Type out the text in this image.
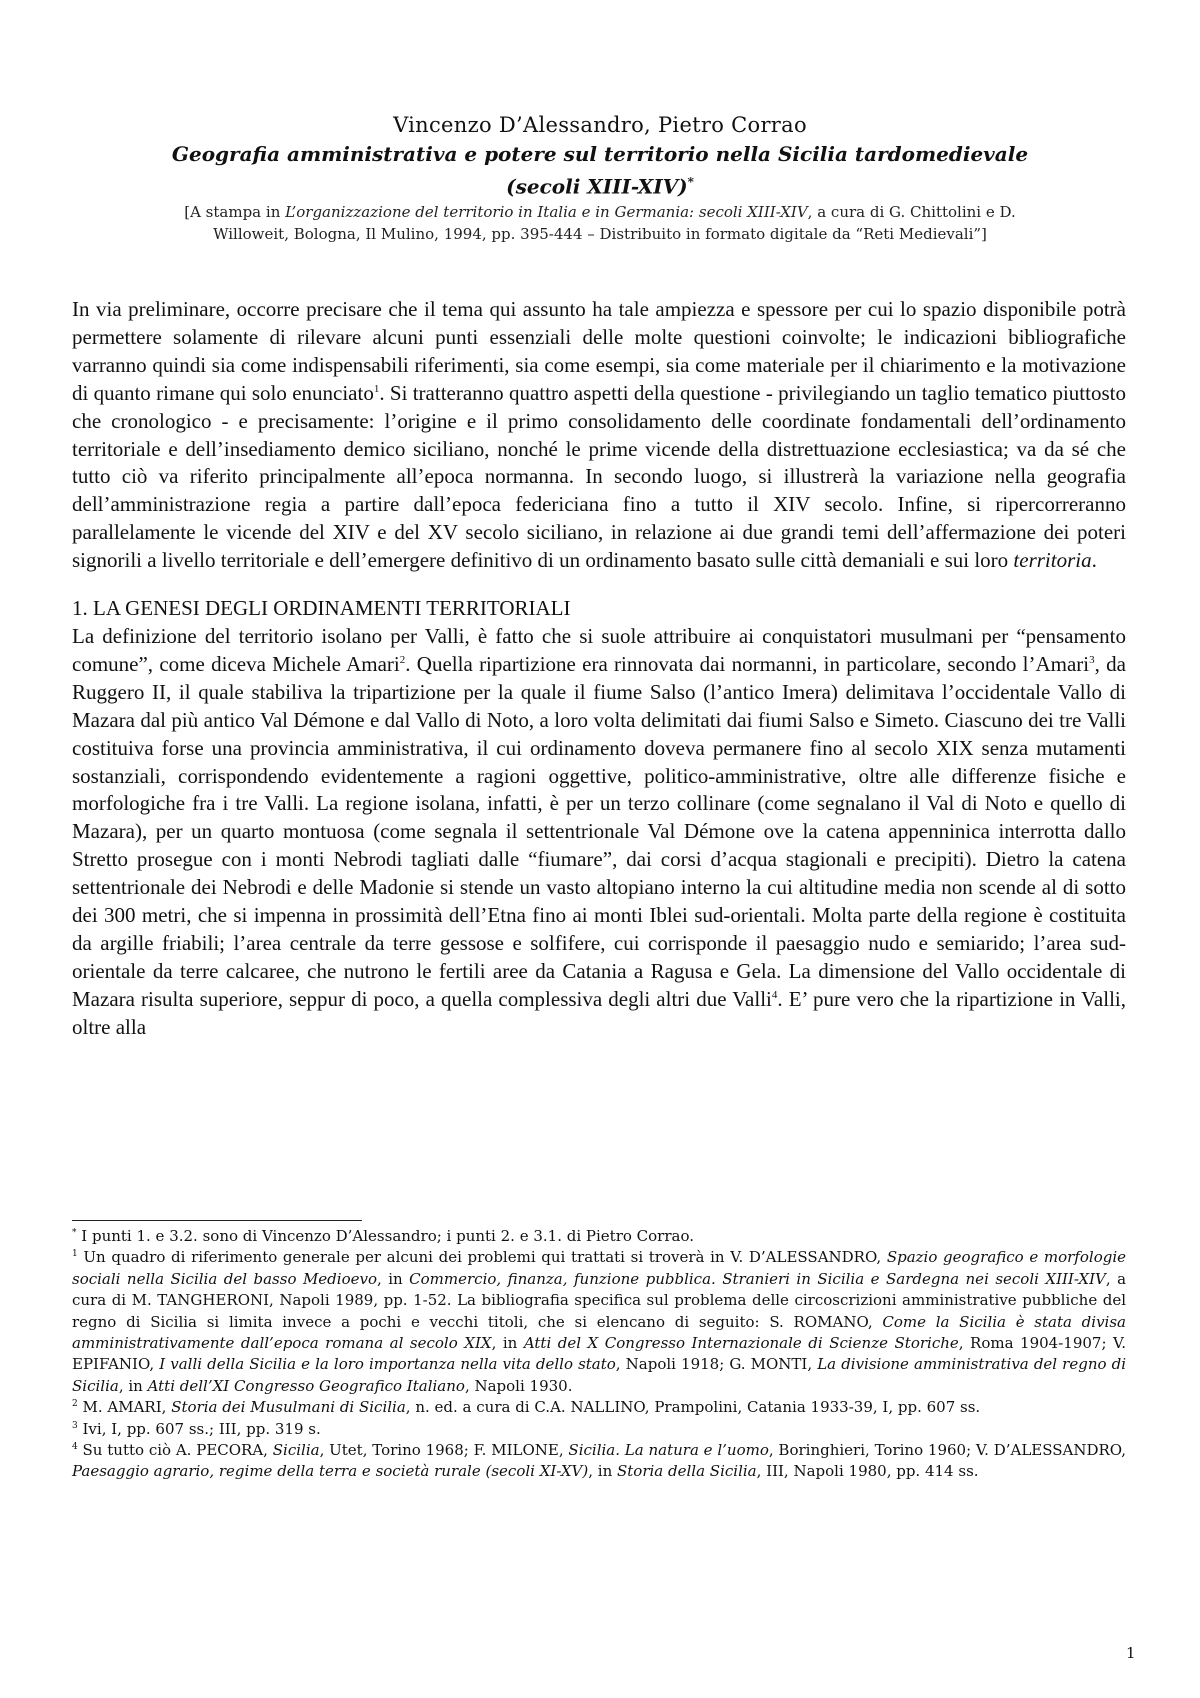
Vincenzo D’Alessandro, Pietro Corrao
Geografia amministrativa e potere sul territorio nella Sicilia tardomedievale
(secoli XIII-XIV)*
[A stampa in L’organizzazione del territorio in Italia e in Germania: secoli XIII-XIV, a cura di G. Chittolini e D.
Willoweit, Bologna, Il Mulino, 1994, pp. 395-444 – Distribuito in formato digitale da “Reti Medievali”]

In via preliminare, occorre precisare che il tema qui assunto ha tale ampiezza e spessore per cui lo spazio disponibile potrà permettere solamente di rilevare alcuni punti essenziali delle molte questioni coinvolte; le indicazioni bibliografiche varranno quindi sia come indispensabili riferimenti, sia come esempi, sia come materiale per il chiarimento e la motivazione di quanto rimane qui solo enunciato$^1$. Si tratteranno quattro aspetti della questione - privilegiando un taglio tematico piuttosto che cronologico - e precisamente: l’origine e il primo consolidamento delle coordinate fondamentali dell’ordinamento territoriale e dell’insediamento demico siciliano, nonché le prime vicende della distrettuazione ecclesiastica; va da sé che tutto ciò va riferito principalmente all’epoca normanna. In secondo luogo, si illustrerà la variazione nella geografia dell’amministrazione regia a partire dall’epoca federiciana fino a tutto il XIV secolo. Infine, si ripercorreranno parallelamente le vicende del XIV e del XV secolo siciliano, in relazione ai due grandi temi dell’affermazione dei poteri signorili a livello territoriale e dell’emergere definitivo di un ordinamento basato sulle città demaniali e sui loro territoria.

1. LA GENESI DEGLI ORDINAMENTI TERRITORIALI

La definizione del territorio isolano per Valli, è fatto che si suole attribuire ai conquistatori musulmani per “pensamento comune”, come diceva Michele Amari$^2$. Quella ripartizione era rinnovata dai normanni, in particolare, secondo l’Amari$^3$, da Ruggero II, il quale stabiliva la tripartizione per la quale il fiume Salso (l’antico Imera) delimitava l’occidentale Vallo di Mazara dal più antico Val Démone e dal Vallo di Noto, a loro volta delimitati dai fiumi Salso e Simeto. Ciascuno dei tre Valli costituiva forse una provincia amministrativa, il cui ordinamento doveva permanere fino al secolo XIX senza mutamenti sostanziali, corrispondendo evidentemente a ragioni oggettive, politico-amministrative, oltre alle differenze fisiche e morfologiche fra i tre Valli. La regione isolana, infatti, è per un terzo collinare (come segnalano il Val di Noto e quello di Mazara), per un quarto montuosa (come segnala il settentrionale Val Démone ove la catena appenninica interrotta dallo Stretto prosegue con i monti Nebrodi tagliati dalle “fiumare”, dai corsi d’acqua stagionali e precipiti). Dietro la catena settentrionale dei Nebrodi e delle Madonie si stende un vasto altopiano interno la cui altitudine media non scende al di sotto dei 300 metri, che si impenna in prossimità dell’Etna fino ai monti Iblei sud-orientali. Molta parte della regione è costituita da argille friabili; l’area centrale da terre gessose e solfifere, cui corrisponde il paesaggio nudo e semiarido; l’area sud-orientale da terre calcaree, che nutrono le fertili aree da Catania a Ragusa e Gela. La dimensione del Vallo occidentale di Mazara risulta superiore, seppur di poco, a quella complessiva degli altri due Valli$^4$. E’ pure vero che la ripartizione in Valli, oltre alla

* I punti 1. e 3.2. sono di Vincenzo D’Alessandro; i punti 2. e 3.1. di Pietro Corrao.

$^1$ Un quadro di riferimento generale per alcuni dei problemi qui trattati si troverà in V. D’ALESSANDRO, Spazio geografico e morfologie sociali nella Sicilia del basso Medioevo, in Commercio, finanza, funzione pubblica. Stranieri in Sicilia e Sardegna nei secoli XIII-XIV, a cura di M. TANGHERONI, Napoli 1989, pp. 1-52. La bibliografia specifica sul problema delle circoscrizioni amministrative pubbliche del regno di Sicilia si limita invece a pochi e vecchi titoli, che si elencano di seguito: S. ROMANO, Come la Sicilia è stata divisa amministrativamente dall’epoca romana al secolo XIX, in Atti del X Congresso Internazionale di Scienze Storiche, Roma 1904-1907; V. EPIFANIO, I valli della Sicilia e la loro importanza nella vita dello stato, Napoli 1918; G. MONTI, La divisione amministrativa del regno di Sicilia, in Atti dell’XI Congresso Geografico Italiano, Napoli 1930.

$^2$ M. AMARI, Storia dei Musulmani di Sicilia, n. ed. a cura di C.A. NALLINO, Prampolini, Catania 1933-39, I, pp. 607 ss.

$^3$ Ivi, I, pp. 607 ss.; III, pp. 319 s.

$^4$ Su tutto ciò A. PECORA, Sicilia, Utet, Torino 1968; F. MILONE, Sicilia. La natura e l’uomo, Boringhieri, Torino 1960; V. D’ALESSANDRO, Paesaggio agrario, regime della terra e società rurale (secoli XI-XV), in Storia della Sicilia, III, Napoli 1980, pp. 414 ss.

1
